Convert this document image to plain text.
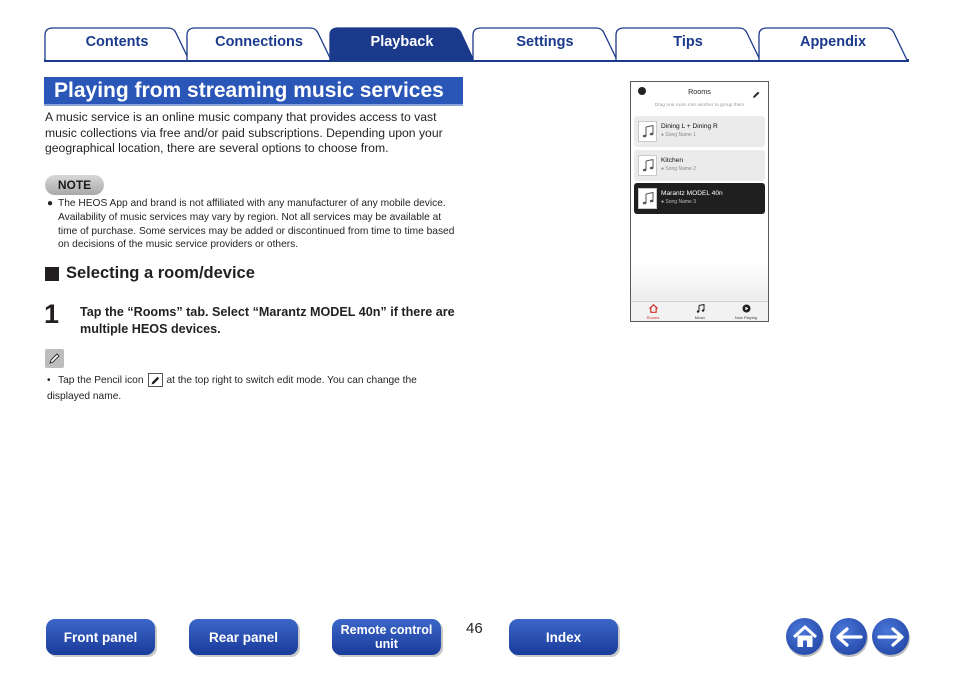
Contents	Connections	Playback	Settings	Tips	Appendix
Playing from streaming music services

A music service is an online music company that provides access to vast music collections via free and/or paid subscriptions. Depending upon your geographical location, there are several options to choose from.

NOTE
● The HEOS App and brand is not affiliated with any manufacturer of any mobile device. Availability of music services may vary by region. Not all services may be available at time of purchase. Some services may be added or discontinued from time to time based on decisions of the music service providers or others.
Selecting a room/device
1 Tap the “Rooms” tab. Select “Marantz MODEL 40n” if there are multiple HEOS devices.
• Tap the Pencil icon at the top right to switch edit mode. You can change the displayed name.
Rooms
Drag one room into another to group them
Dining L + Dining R
● Song Name 1
Kitchen
● Song Name 2
Marantz MODEL 40n
● Song Name 3
Rooms	Music	Now Playing
Front panel	Rear panel	Remote control
unit
46	Index
